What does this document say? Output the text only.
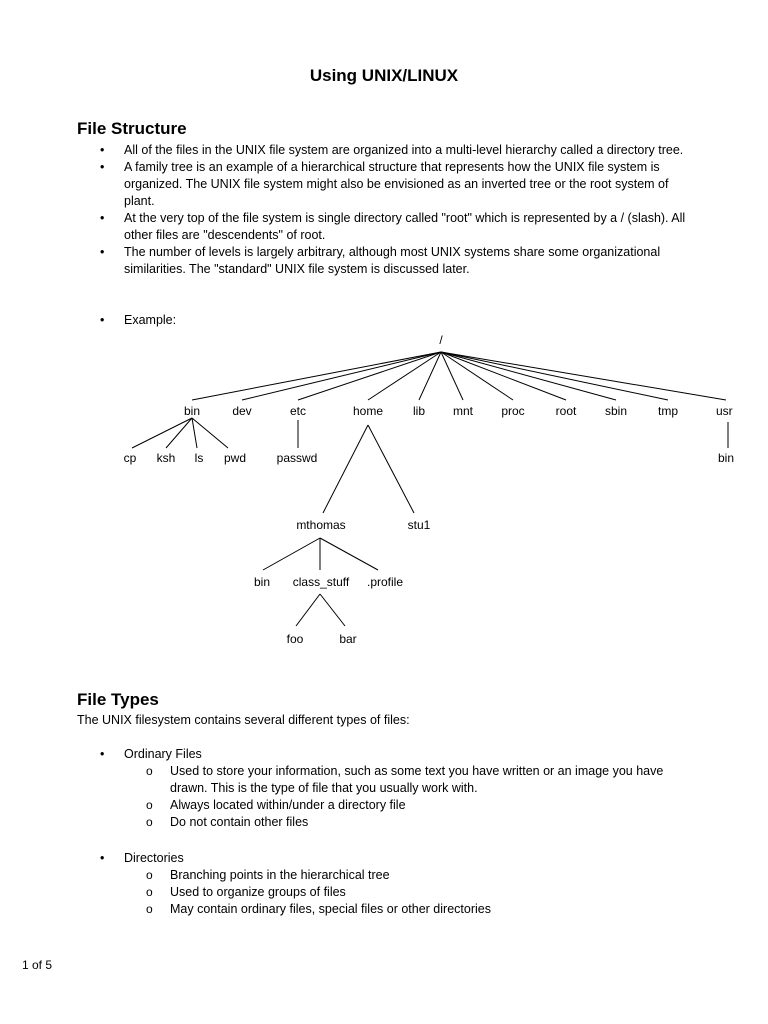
Using UNIX/LINUX
File Structure
• All of the files in the UNIX file system are organized into a multi-level hierarchy called a directory tree.
• A family tree is an example of a hierarchical structure that represents how the UNIX file system is organized. The UNIX file system might also be envisioned as an inverted tree or the root system of plant.
• At the very top of the file system is single directory called "root" which is represented by a / (slash). All other files are "descendents" of root.
• The number of levels is largely arbitrary, although most UNIX systems share some organizational similarities. The "standard" UNIX file system is discussed later.
• Example:
/
bin	dev	etc	home lib mnt proc	root sbin	tmp	usr
cp ksh ls pwd	passwd	bin
mthomas	stu1
bin class_stuff .profile
foo	bar
File Types
The UNIX filesystem contains several different types of files:
• Ordinary Files
o Used to store your information, such as some text you have written or an image you have drawn. This is the type of file that you usually work with.
o Always located within/under a directory file
o Do not contain other files
• Directories
o Branching points in the hierarchical tree
o Used to organize groups of files
o May contain ordinary files, special files or other directories
1 of 5
